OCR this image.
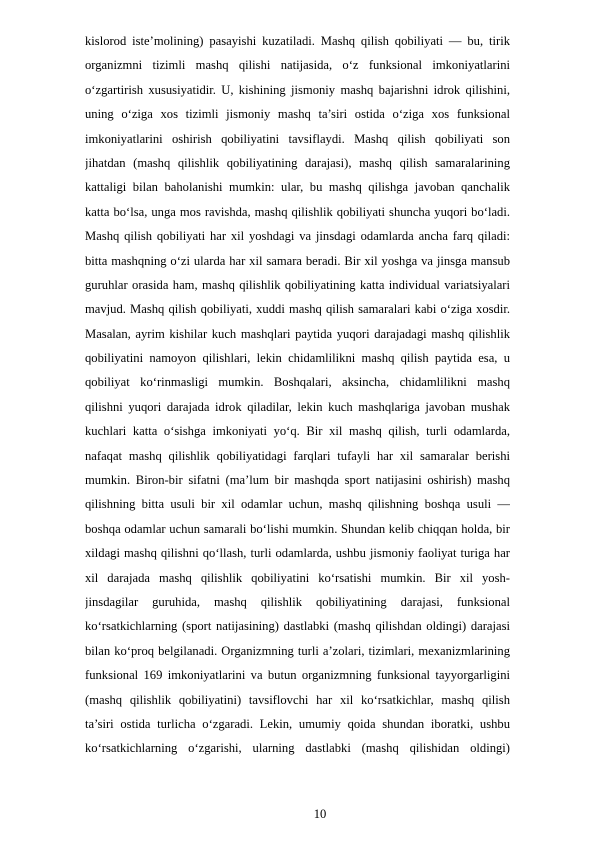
kislorod iste’molining) pasayishi kuzatiladi. Mashq qilish qobiliyati — bu, tirik
organizmni tizimli mashq qilishi natijasida, o‘z funksional imkoniyatlarini
o‘zgartirish xususiyatidir. U, kishining jismoniy mashq bajarishni idrok qilishini,
uning o‘ziga xos tizimli jismoniy mashq ta’siri ostida o‘ziga xos funksional
imkoniyatlarini oshirish qobiliyatini tavsiflaydi. Mashq qilish qobiliyati son
jihatdan (mashq qilishlik qobiliyatining darajasi), mashq qilish samaralarining
kattaligi bilan baholanishi mumkin: ular, bu mashq qilishga javoban qanchalik
katta bo‘lsa, unga mos ravishda, mashq qilishlik qobiliyati shuncha yuqori bo‘ladi.
Mashq qilish qobiliyati har xil yoshdagi va jinsdagi odamlarda ancha farq qiladi:
bitta mashqning o‘zi ularda har xil samara beradi. Bir xil yoshga va jinsga mansub
guruhlar orasida ham, mashq qilishlik qobiliyatining katta individual variatsiyalari
mavjud. Mashq qilish qobiliyati, xuddi mashq qilish samaralari kabi o‘ziga xosdir.
Masalan, ayrim kishilar kuch mashqlari paytida yuqori darajadagi mashq qilishlik
qobiliyatini namoyon qilishlari, lekin chidamlilikni mashq qilish paytida esa, u
qobiliyat ko‘rinmasligi mumkin. Boshqalari, aksincha, chidamlilikni mashq
qilishni yuqori darajada idrok qiladilar, lekin kuch mashqlariga javoban mushak
kuchlari katta o‘sishga imkoniyati yo‘q. Bir xil mashq qilish, turli odamlarda,
nafaqat mashq qilishlik qobiliyatidagi farqlari tufayli har xil samaralar berishi
mumkin. Biron-bir sifatni (ma’lum bir mashqda sport natijasini oshirish) mashq
qilishning bitta usuli bir xil odamlar uchun, mashq qilishning boshqa usuli —
boshqa odamlar uchun samarali bo‘lishi mumkin. Shundan kelib chiqqan holda, bir
xildagi mashq qilishni qo‘llash, turli odamlarda, ushbu jismoniy faoliyat turiga har
xil darajada mashq qilishlik qobiliyatini ko‘rsatishi mumkin. Bir xil yosh-
jinsdagilar guruhida, mashq qilishlik qobiliyatining darajasi, funksional
ko‘rsatkichlarning (sport natijasining) dastlabki (mashq qilishdan oldingi) darajasi
bilan ko‘proq belgilanadi. Organizmning turli a’zolari, tizimlari, mexanizmlarining
funksional 169 imkoniyatlarini va butun organizmning funksional tayyorgarligini
(mashq qilishlik qobiliyatini) tavsiflovchi har xil ko‘rsatkichlar, mashq qilish
ta’siri ostida turlicha o‘zgaradi. Lekin, umumiy qoida shundan iboratki, ushbu
ko‘rsatkichlarning o‘zgarishi, ularning dastlabki (mashq qilishidan oldingi)
10
